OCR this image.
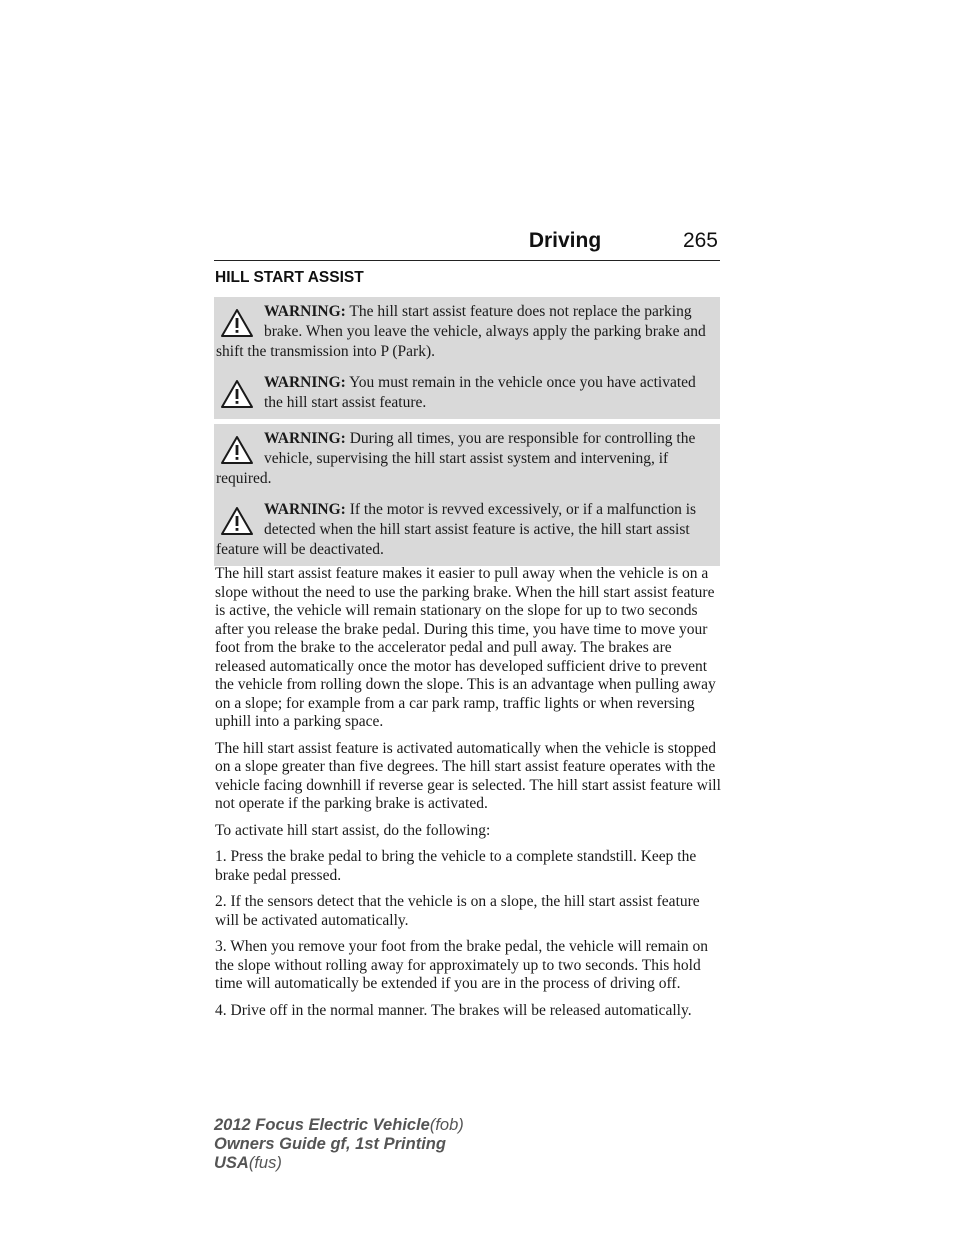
Driving	265
HILL START ASSIST
WARNING: The hill start assist feature does not replace the parking brake. When you leave the vehicle, always apply the parking brake and shift the transmission into P (Park).
WARNING: You must remain in the vehicle once you have activated the hill start assist feature.
WARNING: During all times, you are responsible for controlling the vehicle, supervising the hill start assist system and intervening, if required.
WARNING: If the motor is revved excessively, or if a malfunction is detected when the hill start assist feature is active, the hill start assist feature will be deactivated.

The hill start assist feature makes it easier to pull away when the vehicle is on a slope without the need to use the parking brake. When the hill start assist feature is active, the vehicle will remain stationary on the slope for up to two seconds after you release the brake pedal. During this time, you have time to move your foot from the brake to the accelerator pedal and pull away. The brakes are released automatically once the motor has developed sufficient drive to prevent the vehicle from rolling down the slope. This is an advantage when pulling away on a slope; for example from a car park ramp, traffic lights or when reversing uphill into a parking space.

The hill start assist feature is activated automatically when the vehicle is stopped on a slope greater than five degrees. The hill start assist feature operates with the vehicle facing downhill if reverse gear is selected. The hill start assist feature will not operate if the parking brake is activated.

To activate hill start assist, do the following:

1. Press the brake pedal to bring the vehicle to a complete standstill. Keep the brake pedal pressed.

2. If the sensors detect that the vehicle is on a slope, the hill start assist feature will be activated automatically.

3. When you remove your foot from the brake pedal, the vehicle will remain on the slope without rolling away for approximately up to two seconds. This hold time will automatically be extended if you are in the process of driving off.

4. Drive off in the normal manner. The brakes will be released automatically.

2012 Focus Electric Vehicle(fob)
Owners Guide gf, 1st Printing
USA(fus)
